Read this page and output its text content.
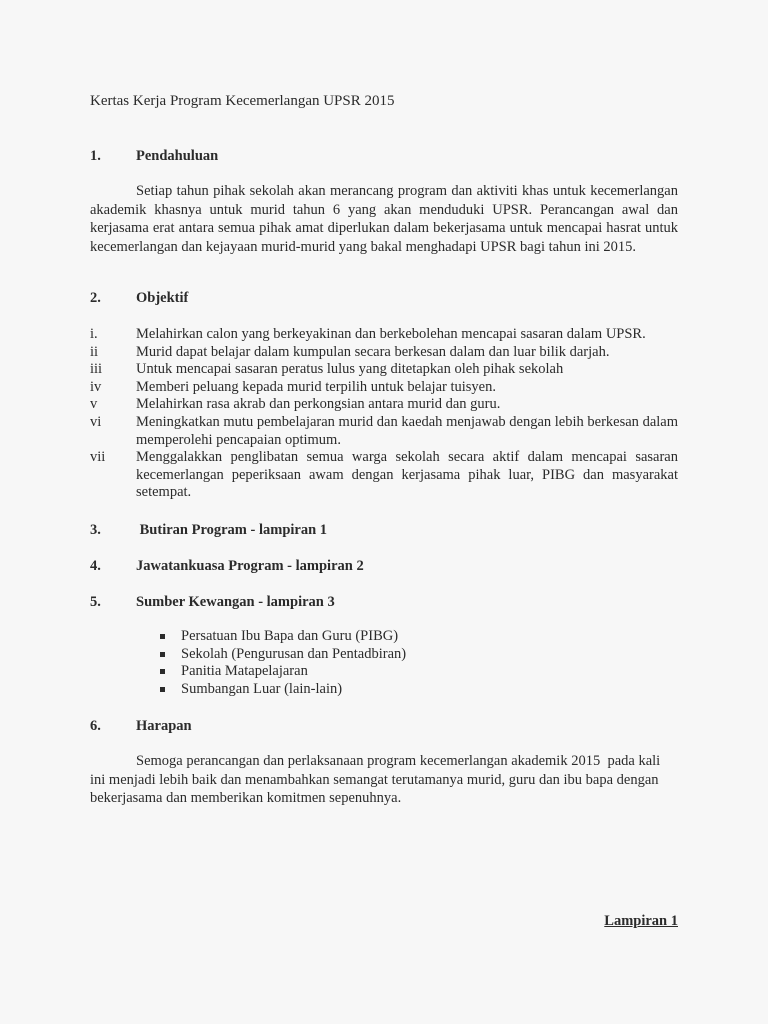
Kertas Kerja Program Kecemerlangan UPSR 2015
1. Pendahuluan
Setiap tahun pihak sekolah akan merancang program dan aktiviti khas untuk kecemerlangan akademik khasnya untuk murid tahun 6 yang akan menduduki UPSR. Perancangan awal dan kerjasama erat antara semua pihak amat diperlukan dalam bekerjasama untuk mencapai hasrat untuk kecemerlangan dan kejayaan murid-murid yang bakal menghadapi UPSR bagi tahun ini 2015.
2. Objektif
i.	Melahirkan calon yang berkeyakinan dan berkebolehan mencapai sasaran dalam UPSR.
ii	Murid dapat belajar dalam kumpulan secara berkesan dalam dan luar bilik darjah.
iii Untuk mencapai sasaran peratus lulus yang ditetapkan oleh pihak sekolah
iv Memberi peluang kepada murid terpilih untuk belajar tuisyen.
v	Melahirkan rasa akrab dan perkongsian antara murid dan guru.
vi Meningkatkan mutu pembelajaran murid dan kaedah menjawab dengan lebih berkesan dalam memperolehi pencapaian optimum.
vii Menggalakkan penglibatan semua warga sekolah secara aktif dalam mencapai sasaran kecemerlangan peperiksaan awam dengan kerjasama pihak luar, PIBG dan masyarakat setempat.
3. Butiran Program - lampiran 1
4. Jawatankuasa Program - lampiran 2
5. Sumber Kewangan - lampiran 3
Persatuan Ibu Bapa dan Guru (PIBG)
Sekolah (Pengurusan dan Pentadbiran)
Panitia Matapelajaran
Sumbangan Luar (lain-lain)
6. Harapan
Semoga perancangan dan perlaksanaan program kecemerlangan akademik 2015  pada kali ini menjadi lebih baik dan menambahkan semangat terutamanya murid, guru dan ibu bapa dengan bekerjasama dan memberikan komitmen sepenuhnya.
Lampiran 1
